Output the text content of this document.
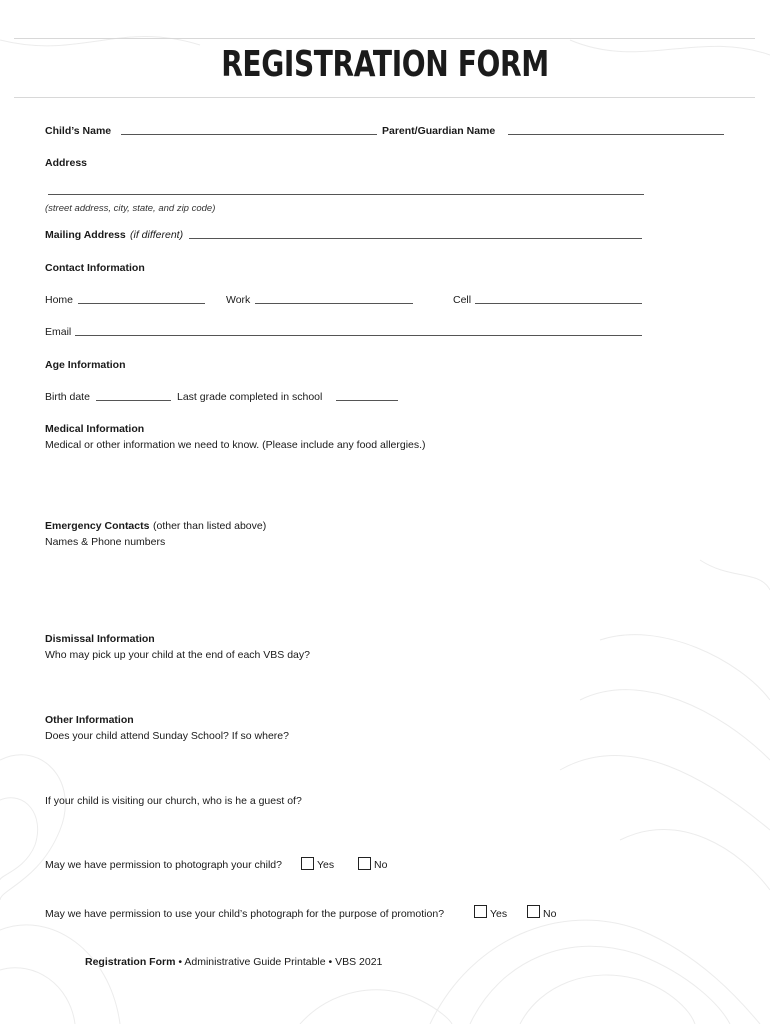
REGISTRATION FORM
Child’s Name	Parent/Guardian Name
Address
(street address, city, state, and zip code)
Mailing Address (if different)
Contact Information
Home	Work	Cell
Email
Age Information
Birth date	Last grade completed in school
Medical Information
Medical or other information we need to know. (Please include any food allergies.)
Emergency Contacts (other than listed above)
Names & Phone numbers
Dismissal Information
Who may pick up your child at the end of each VBS day?
Other Information
Does your child attend Sunday School? If so where?
If your child is visiting our church, who is he a guest of?
May we have permission to photograph your child?	Yes	No
May we have permission to use your child’s photograph for the purpose of promotion?	Yes	No
Registration Form • Administrative Guide Printable • VBS 2021
